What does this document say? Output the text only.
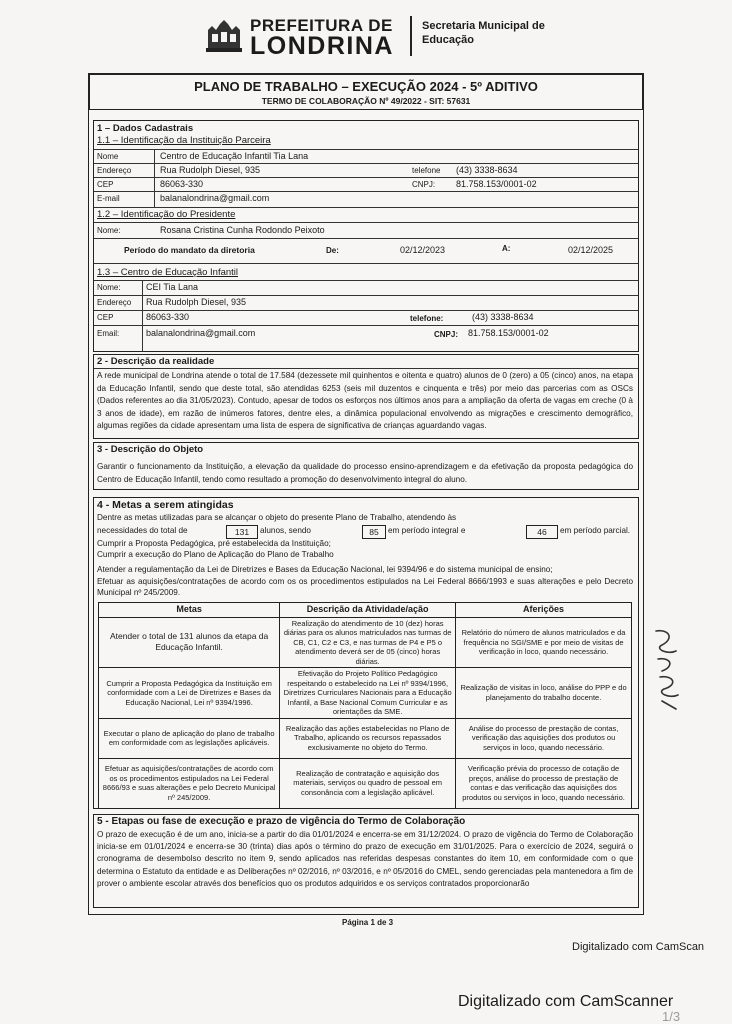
PREFEITURA DE
LONDRINA
Secretaria Municipal de Educação
PLANO DE TRABALHO – EXECUÇÃO 2024 - 5º ADITIVO
TERMO DE COLABORAÇÃO Nº 49/2022 - SIT: 57631
1 – Dados Cadastrais
1.1 – Identificação da Instituição Parceira
Nome	Centro de Educação Infantil Tia Lana
Endereço	Rua Rudolph Diesel, 935	telefone (43) 3338-8634
CEP	86063-330	CNPJ: 81.758.153/0001-02
E-mail	balanalondrina@gmail.com
1.2 – Identificação do Presidente
Nome:	Rosana Cristina Cunha Rodondo Peixoto
Período do mandato da diretoria	De:	02/12/2023	A:	02/12/2025
1.3 – Centro de Educação Infantil
Nome:	CEI Tia Lana
Endereço Rua Rudolph Diesel, 935
CEP	86063-330	telefone:	(43) 3338-8634
Email:	balanalondrina@gmail.com	CNPJ: 81.758.153/0001-02
2 - Descrição da realidade
A rede municipal de Londrina atende o total de 17.584 (dezessete mil quinhentos e oitenta e quatro) alunos de 0 (zero) a 05 (cinco) anos, na etapa da Educação Infantil, sendo que deste total, são atendidas 6253 (seis mil duzentos e cinquenta e três) por meio das parcerias com as OSCs (Dados referentes ao dia 31/05/2023). Contudo, apesar de todos os esforços nos últimos anos para a ampliação da oferta de vagas em creche (0 à 3 anos de idade), em razão de inúmeros fatores, dentre eles, a dinâmica populacional envolvendo as migrações e crescimento demográfico, algumas regiões da cidade apresentam uma lista de espera de significativa de crianças aguardando vagas.
3 - Descrição do Objeto
Garantir o funcionamento da Instituição, a elevação da qualidade do processo ensino-aprendizagem e da efetivação da proposta pedagógica do Centro de Educação Infantil, tendo como resultado a promoção do desenvolvimento integral do aluno.
4 - Metas a serem atingidas
Dentre as metas utilizadas para se alcançar o objeto do presente Plano de Trabalho, atendendo às
necessidades do total de	131	alunos, sendo	85	em período integral e	46	em período parcial.
Cumprir a Proposta Pedagógica, pré estabelecida da Instituição;
Cumprir a execução do Plano de Aplicação do Plano de Trabalho
Atender a regulamentação da Lei de Diretrizes e Bases da Educação Nacional, lei 9394/96 e do sistema municipal de ensino;
Efetuar as aquisições/contratações de acordo com os os procedimentos estipulados na Lei Federal 8666/1993 e suas alterações e pelo Decreto Municipal nº 245/2009.
Metas	Descrição da Atividade/ação	Aferições
Atender o total de 131 alunos da etapa da Educação Infantil.	Realização do atendimento de 10 (dez) horas diárias para os alunos matriculados nas turmas de CB, C1, C2 e C3, e nas turmas de P4 e P5 o atendimento deverá ser de 05 (cinco) horas diárias.	Relatório do número de alunos matriculados e da frequência no SGI/SME e por meio de visitas de verificação in loco, quando necessário.
Cumprir a Proposta Pedagógica da Instituição em conformidade com a Lei de Diretrizes e Bases da Educação Nacional, Lei nº 9394/1996.	Efetivação do Projeto Político Pedagógico respeitando o estabelecido na Lei nº 9394/1996, Diretrizes Curriculares Nacionais para a Educação Infantil, a Base Nacional Comum Curricular e as orientações da SME.	Realização de visitas in loco, análise do PPP e do planejamento do trabalho docente.
Executar o plano de aplicação do plano de trabalho em conformidade com as legislações aplicáveis.	Realização das ações estabelecidas no Plano de Trabalho, aplicando os recursos repassados exclusivamente no objeto do Termo.	Análise do processo de prestação de contas, verificação das aquisições dos produtos ou serviços in loco, quando necessário.
Efetuar as aquisições/contratações de acordo com os os procedimentos estipulados na Lei Federal 8666/93 e suas alterações e pelo Decreto Municipal nº 245/2009.	Realização de contratação e aquisição dos materiais, serviços ou quadro de pessoal em consonância com a legislação aplicável.	Verificação prévia do processo de cotação de preços, análise do processo de prestação de contas e das verificação das aquisições dos produtos ou serviços in loco, quando necessário.
5 - Etapas ou fase de execução e prazo de vigência do Termo de Colaboração
O prazo de execução é de um ano, inicia-se a partir do dia 01/01/2024 e encerra-se em 31/12/2024. O prazo de vigência do Termo de Colaboração inicia-se em 01/01/2024 e encerra-se 30 (trinta) dias após o término do prazo de execução em 31/01/2025. Para o exercício de 2024, seguirá o cronograma de desembolso descrito no item 9, sendo aplicados nas referidas despesas constantes do item 10, em conformidade com o que determina o Estatuto da entidade e as Deliberações nº 02/2016, nº 03/2016, e nº 05/2016 do CMEL, sendo gerenciadas pela mantenedora a fim de prover o ambiente escolar através dos benefícios quo os produtos adquiridos e os serviços contratados proporcionarão
Página 1 de 3
Digitalizado com CamScan
Digitalizado com CamScanner
1/3
